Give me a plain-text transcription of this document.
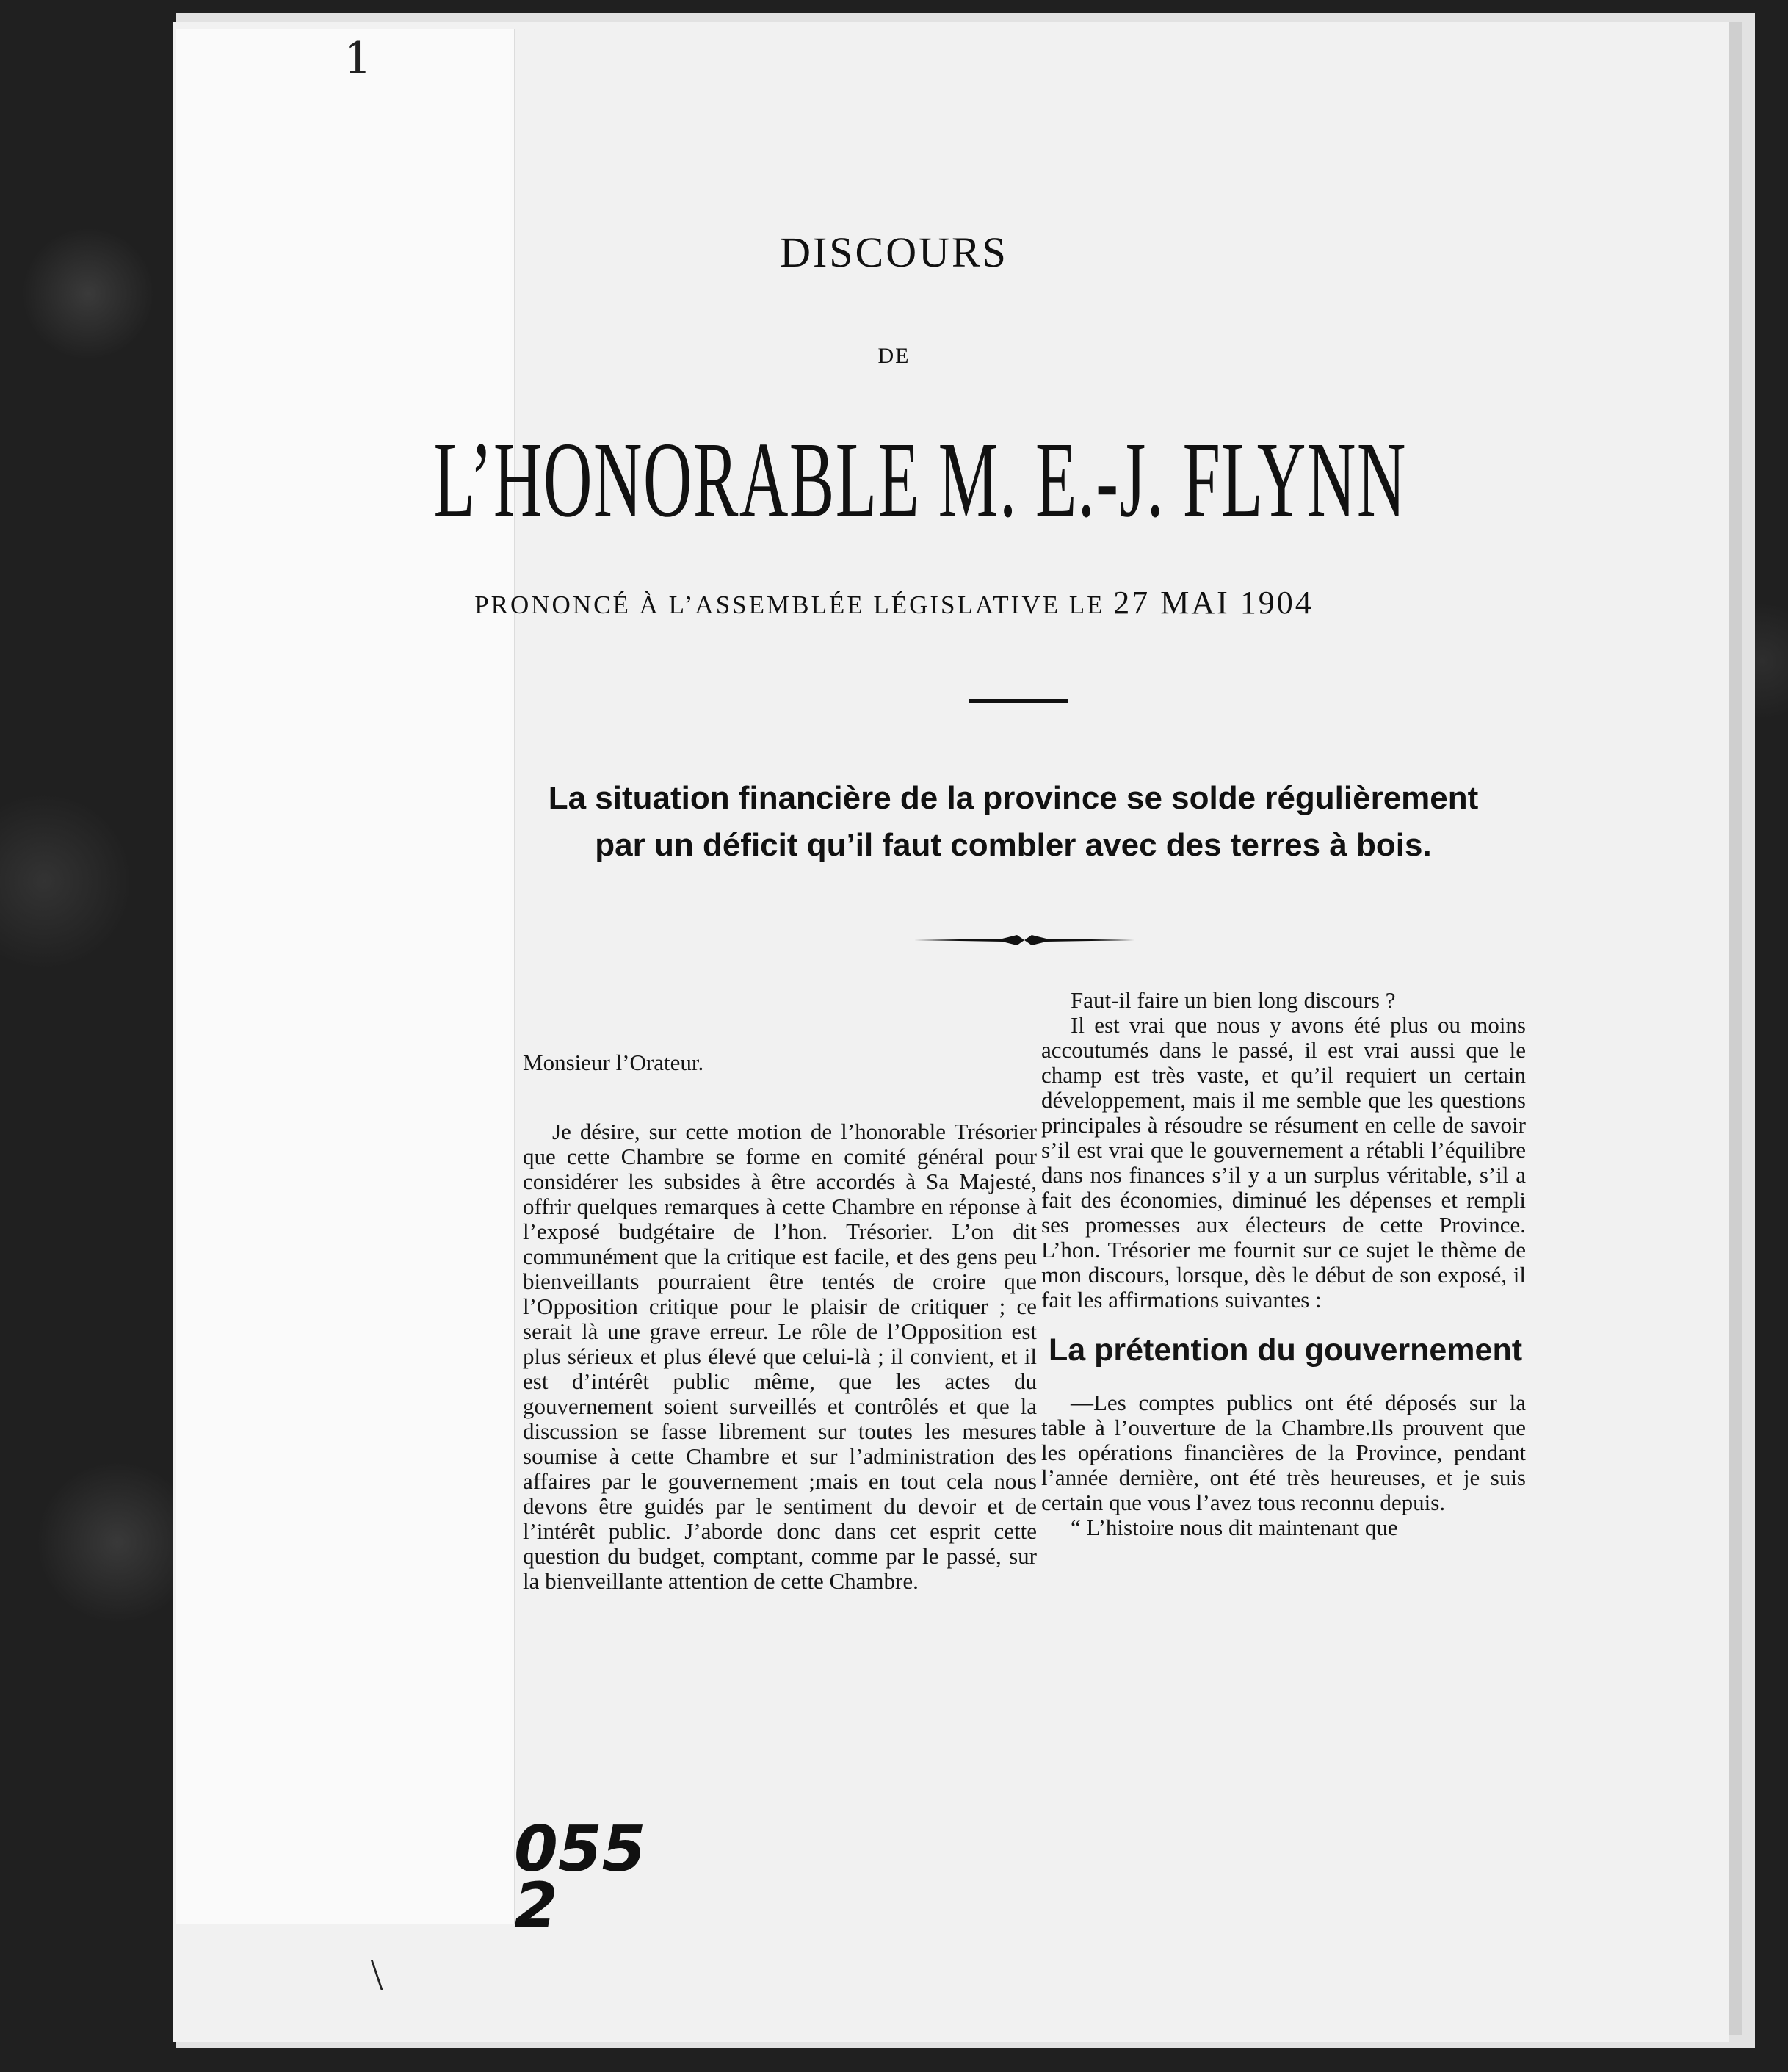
1
055
2
\
DISCOURS
DE
L’HONORABLE M. E.-J. FLYNN
PRONONCÉ À L’ASSEMBLÉE LÉGISLATIVE LE 27 MAI 1904
La situation financière de la province se solde régulièrement
par un déficit qu’il faut combler avec des terres à bois.

Monsieur l’Orateur.

Je désire, sur cette motion de l’honorable Trésorier que cette Chambre se forme en comité général pour considérer les subsides à être accordés à Sa Majesté, offrir quelques remarques à cette Chambre en réponse à l’exposé budgétaire de l’hon. Trésorier. L’on dit communément que la critique est facile, et des gens peu bienveillants pourraient être tentés de croire que l’Opposition critique pour le plaisir de critiquer ; ce serait là une grave erreur. Le rôle de l’Opposition est plus sérieux et plus élevé que celui-là ; il convient, et il est d’intérêt public même, que les actes du gouvernement soient surveillés et contrôlés et que la discussion se fasse librement sur toutes les mesures soumise à cette Chambre et sur l’administration des affaires par le gouvernement ;mais en tout cela nous devons être guidés par le sentiment du devoir et de l’intérêt public. J’aborde donc dans cet esprit cette question du budget, comptant, comme par le passé, sur la bienveillante attention de cette Chambre.

Faut-il faire un bien long discours ?

Il est vrai que nous y avons été plus ou moins accoutumés dans le passé, il est vrai aussi que le champ est très vaste, et qu’il requiert un certain développement, mais il me semble que les questions principales à résoudre se résument en celle de savoir s’il est vrai que le gouvernement a rétabli l’équilibre dans nos finances s’il y a un surplus véritable, s’il a fait des économies, diminué les dépenses et rempli ses promesses aux électeurs de cette Province. L’hon. Trésorier me fournit sur ce sujet le thème de mon discours, lorsque, dès le début de son exposé, il fait les affirmations suivantes :

La prétention du gouvernement

—Les comptes publics ont été déposés sur la table à l’ouverture de la Chambre.Ils prouvent que les opérations financières de la Province, pendant l’année dernière, ont été très heureuses, et je suis certain que vous l’avez tous reconnu depuis.

“ L’histoire nous dit maintenant que
